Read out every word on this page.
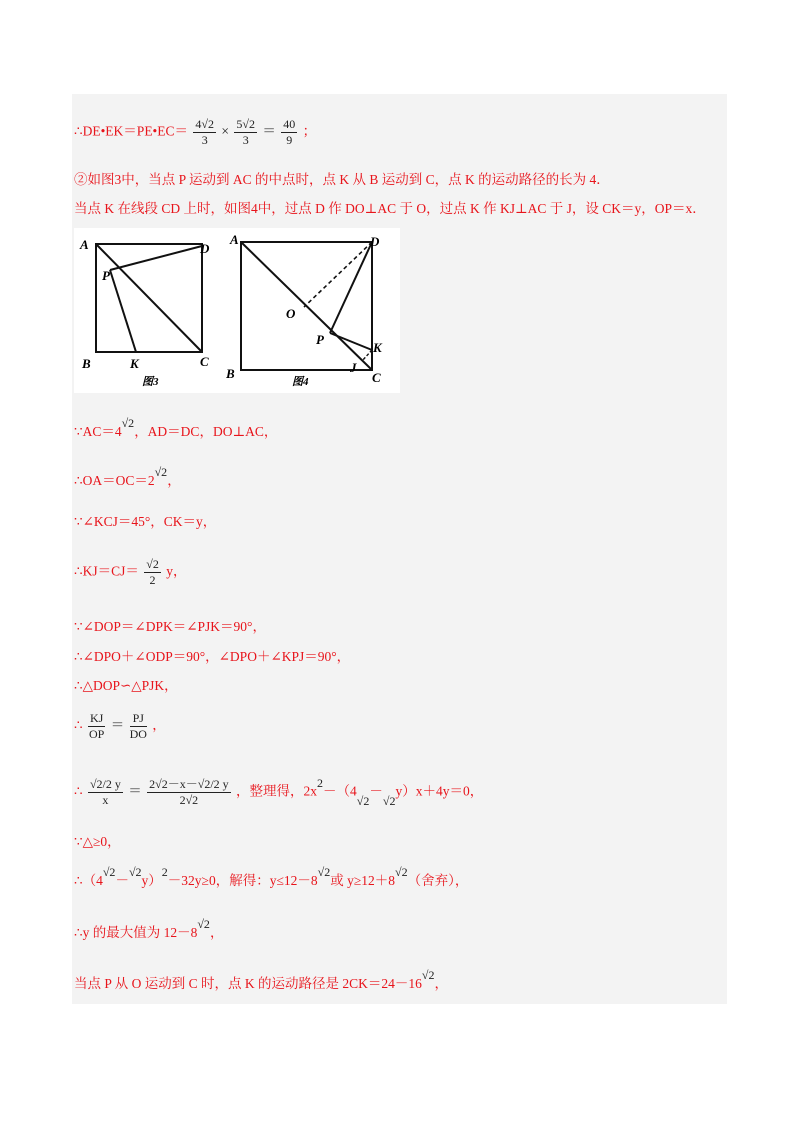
∴DE•EK＝PE•EC＝ $\frac{4√2}{3} \times \frac{5√2}{3} = \frac{40}{9}$ ；
②如图3中，当点 P 运动到 AC 的中点时，点 K 从 B 运动到 C，点 K 的运动路径的长为 4．
当点 K 在线段 CD 上时，如图4中，过点 D 作 DO⊥AC 于 O，过点 K 作 KJ⊥AC 于 J，设 CK＝y，OP＝x．
A	D
P
B	K	C
图3
A	D
O
P
K
B	J
C
图4
∵AC＝4√2，AD＝DC，DO⊥AC，
∴OA＝OC＝2√2，
∵∠KCJ＝45°，CK＝y，
∴KJ＝CJ＝ $\frac{√2}{2}$ y，
∵∠DOP＝∠DPK＝∠PJK＝90°，
∴∠DPO＋∠ODP＝90°，∠DPO＋∠KPJ＝90°，
∴△DOP∽△PJK，
∴ $\frac{KJ}{OP} = \frac{PJ}{DO}$ ，
∴ $\frac{√2/2 y}{x} = \frac{2√2-x-√2/2 y}{2√2}$ ，整理得，2x2－（4√2－√2y）x＋4y＝0，
∵△≥0，
∴（4√2－√2y）2－32y≥0，解得：y≤12－8√2或 y≥12＋8√2（舍弃），
∴y 的最大值为 12－8√2，
当点 P 从 O 运动到 C 时，点 K 的运动路径是 2CK＝24－16√2，
